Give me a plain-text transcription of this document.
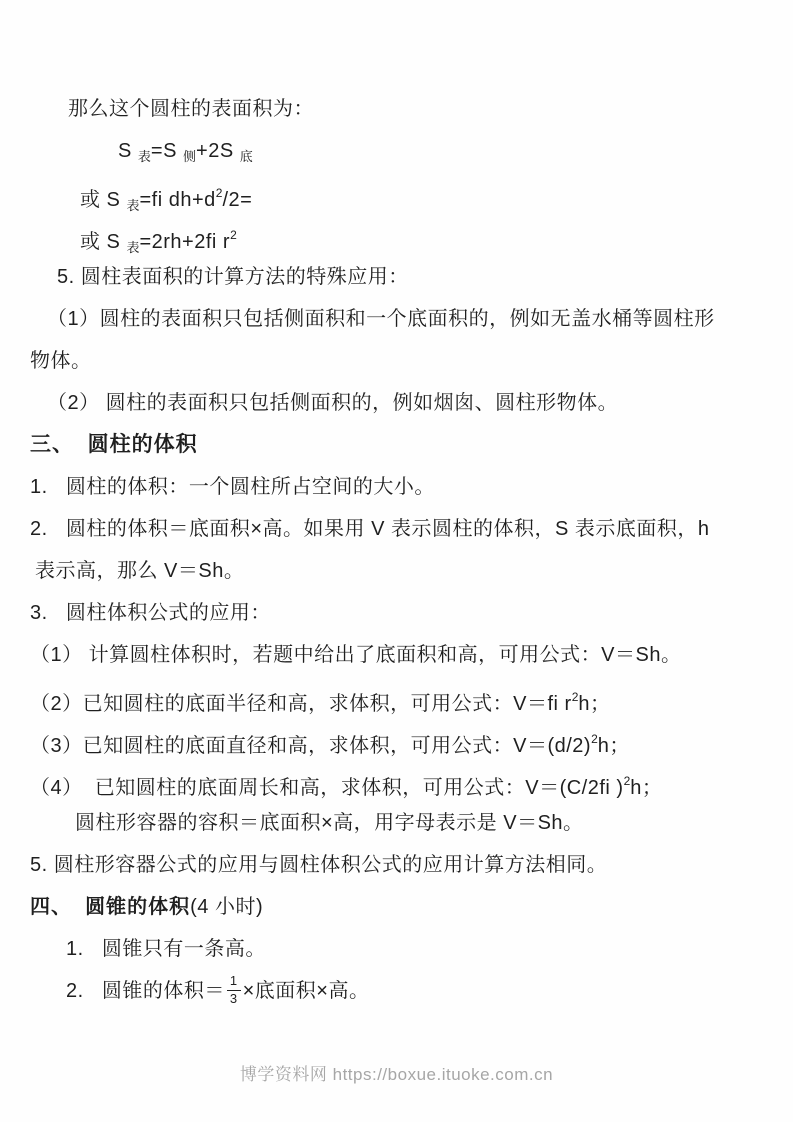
那么这个圆柱的表面积为：
S $_表$=S $_侧$+2S $_底$
或 S $_表$=fi $dh+d^2/2=$
或 S $_表$=2rh+2fi $r^2$
5. 圆柱表面积的计算方法的特殊应用：
（1）圆柱的表面积只包括侧面积和一个底面积的，例如无盖水桶等圆柱形
物体。
（2） 圆柱的表面积只包括侧面积的，例如烟囱、圆柱形物体。
三、  圆柱的体积
1.   圆柱的体积：一个圆柱所占空间的大小。
2.   圆柱的体积＝底面积×高。如果用 V 表示圆柱的体积，S 表示底面积，h
表示高，那么 V＝Sh。
3.   圆柱体积公式的应用：
（1） 计算圆柱体积时，若题中给出了底面积和高，可用公式：V＝Sh。
（2）已知圆柱的底面半径和高，求体积，可用公式：V＝fi $r^2h$；
（3）已知圆柱的底面直径和高，求体积，可用公式：$V=(d/2)^2h$；
（4）  已知圆柱的底面周长和高，求体积，可用公式：V＝(C/2fi )$^2$h；
圆柱形容器的容积＝底面积×高，用字母表示是 V＝Sh。
5. 圆柱形容器公式的应用与圆柱体积公式的应用计算方法相同。
四、  圆锥的体积(4 小时)
1.   圆锥只有一条高。
2.   圆锥的体积＝ $\frac{1}{3}$ ×底面积×高。
博学资料网 https://boxue.ituoke.com.cn
